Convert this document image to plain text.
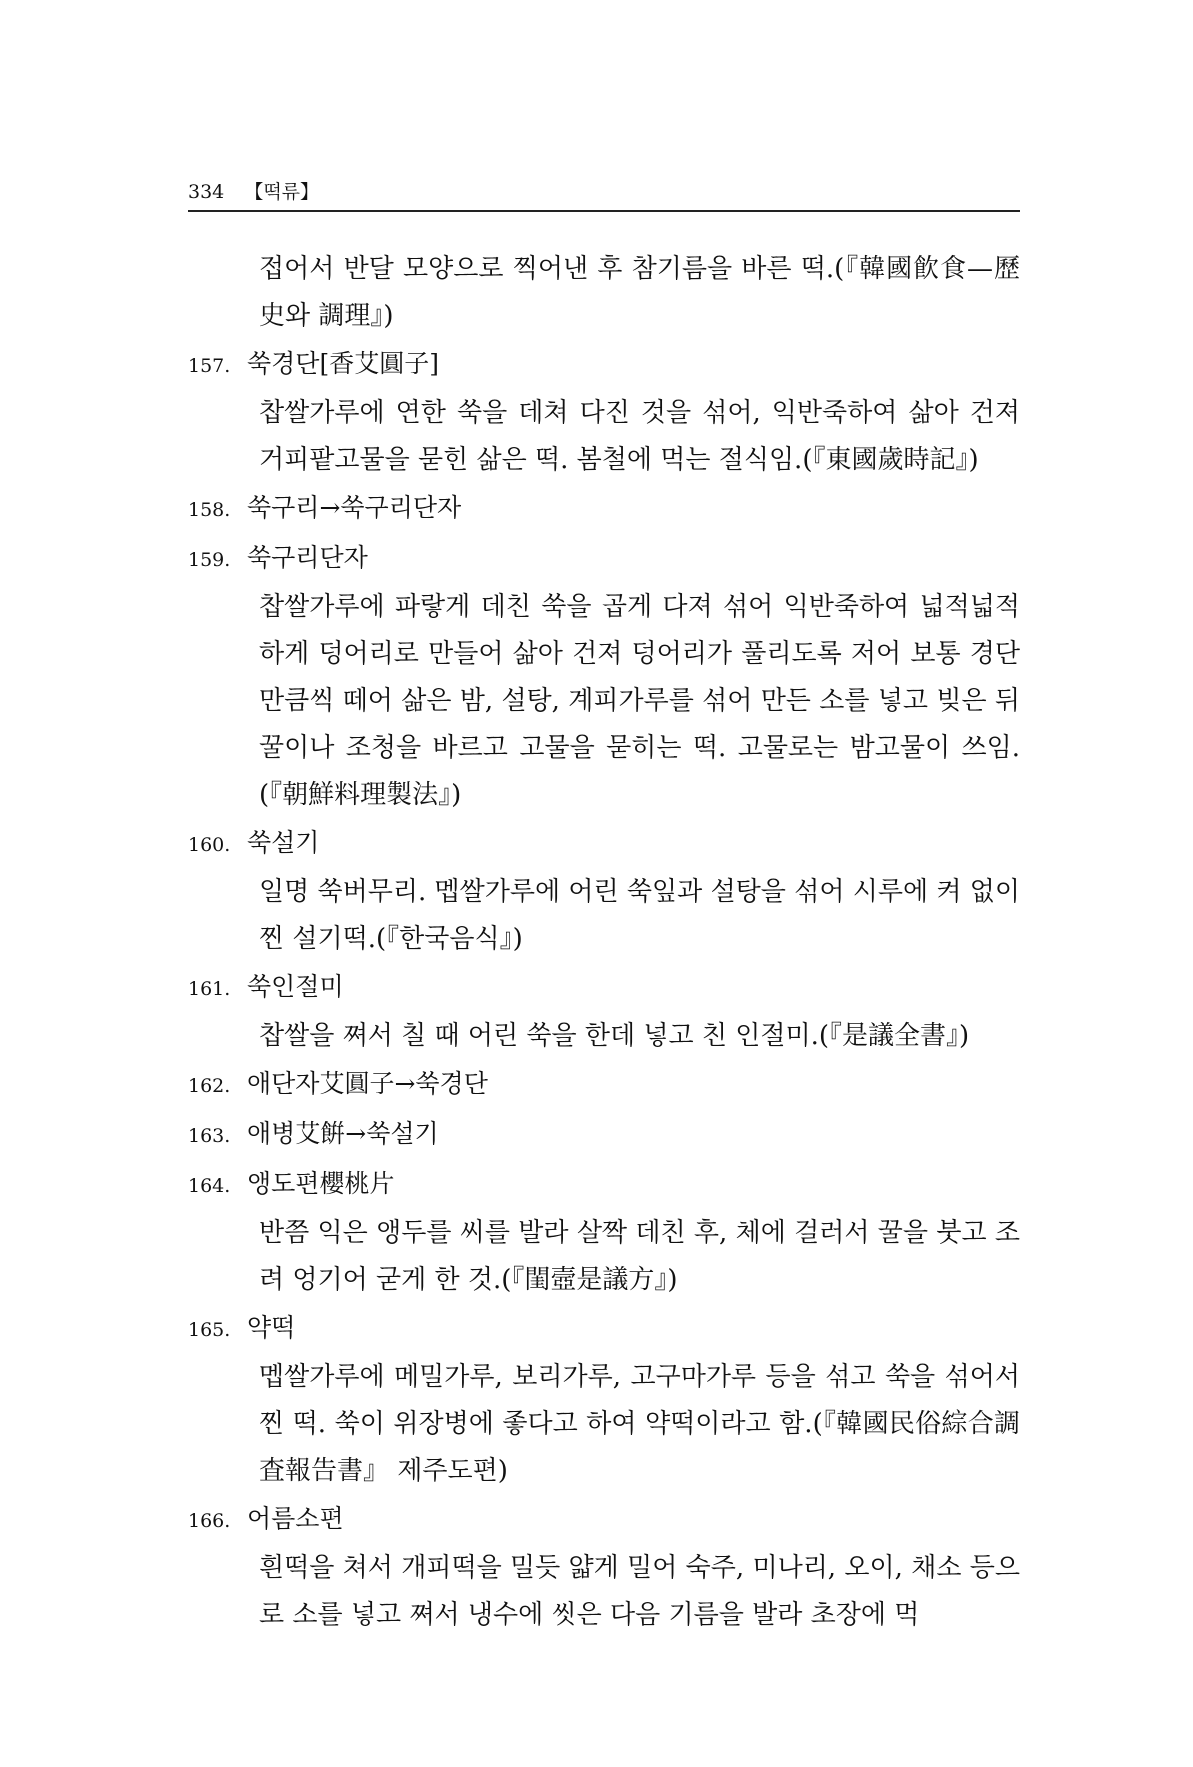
334 【떡류】

접어서 반달 모양으로 찍어낸 후 참기름을 바른 떡.(『韓國飮食—歷史와 調理』)

157. 쑥경단[香艾圓子]

찹쌀가루에 연한 쑥을 데쳐 다진 것을 섞어, 익반죽하여 삶아 건져 거피팥고물을 묻힌 삶은 떡. 봄철에 먹는 절식임.(『東國歲時記』)

158. 쑥구리→쑥구리단자

159. 쑥구리단자

찹쌀가루에 파랗게 데친 쑥을 곱게 다져 섞어 익반죽하여 넓적넓적하게 덩어리로 만들어 삶아 건져 덩어리가 풀리도록 저어 보통 경단만큼씩 떼어 삶은 밤, 설탕, 계피가루를 섞어 만든 소를 넣고 빚은 뒤 꿀이나 조청을 바르고 고물을 묻히는 떡. 고물로는 밤고물이 쓰임.(『朝鮮料理製法』)

160. 쑥설기

일명 쑥버무리. 멥쌀가루에 어린 쑥잎과 설탕을 섞어 시루에 켜 없이 찐 설기떡.(『한국음식』)

161. 쑥인절미

찹쌀을 쪄서 칠 때 어린 쑥을 한데 넣고 친 인절미.(『是議全書』)

162. 애단자艾圓子→쑥경단

163. 애병艾餠→쑥설기

164. 앵도편櫻桃片

반쯤 익은 앵두를 씨를 발라 살짝 데친 후, 체에 걸러서 꿀을 붓고 조려 엉기어 굳게 한 것.(『閨壼是議方』)

165. 약떡

멥쌀가루에 메밀가루, 보리가루, 고구마가루 등을 섞고 쑥을 섞어서 찐 떡. 쑥이 위장병에 좋다고 하여 약떡이라고 함.(『韓國民俗綜合調査報告書』 제주도편)

166. 어름소편

흰떡을 쳐서 개피떡을 밀듯 얇게 밀어 숙주, 미나리, 오이, 채소 등으로 소를 넣고 쪄서 냉수에 씻은 다음 기름을 발라 초장에 먹
